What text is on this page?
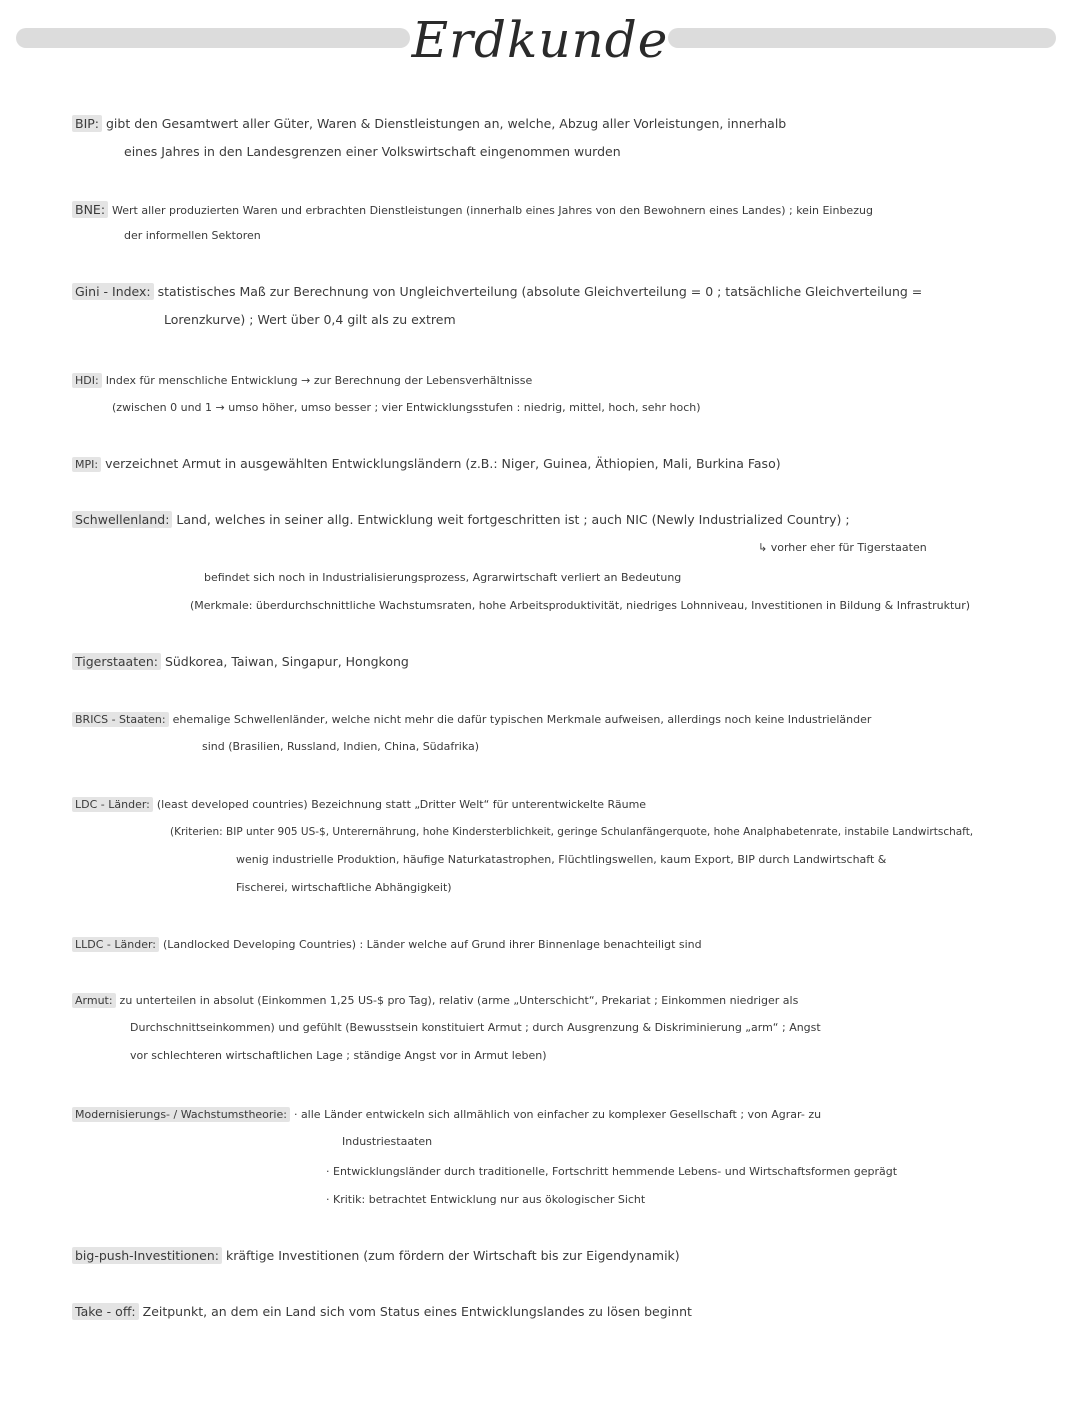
Erdkunde
BIP: gibt den Gesamtwert aller Güter, Waren & Dienstleistungen an, welche, Abzug aller Vorleistungen, innerhalb
eines Jahres in den Landesgrenzen einer Volkswirtschaft eingenommen wurden
BNE: Wert aller produzierten Waren und erbrachten Dienstleistungen (innerhalb eines Jahres von den Bewohnern eines Landes) ; kein Einbezug
der informellen Sektoren
Gini - Index: statistisches Maß zur Berechnung von Ungleichverteilung (absolute Gleichverteilung = 0 ; tatsächliche Gleichverteilung =
Lorenzkurve) ; Wert über 0,4 gilt als zu extrem
HDI: Index für menschliche Entwicklung → zur Berechnung der Lebensverhältnisse
(zwischen 0 und 1 → umso höher, umso besser ; vier Entwicklungsstufen : niedrig, mittel, hoch, sehr hoch)
MPI: verzeichnet Armut in ausgewählten Entwicklungsländern (z.B.: Niger, Guinea, Äthiopien, Mali, Burkina Faso)
Schwellenland: Land, welches in seiner allg. Entwicklung weit fortgeschritten ist ; auch NIC (Newly Industrialized Country) ;
↳ vorher eher für Tigerstaaten
befindet sich noch in Industrialisierungsprozess, Agrarwirtschaft verliert an Bedeutung
(Merkmale: überdurchschnittliche Wachstumsraten, hohe Arbeitsproduktivität, niedriges Lohnniveau, Investitionen in Bildung & Infrastruktur)
Tigerstaaten: Südkorea, Taiwan, Singapur, Hongkong
BRICS - Staaten: ehemalige Schwellenländer, welche nicht mehr die dafür typischen Merkmale aufweisen, allerdings noch keine Industrieländer
sind (Brasilien, Russland, Indien, China, Südafrika)
LDC - Länder: (least developed countries) Bezeichnung statt „Dritter Welt“ für unterentwickelte Räume
(Kriterien: BIP unter 905 US-$, Unterernährung, hohe Kindersterblichkeit, geringe Schulanfängerquote, hohe Analphabetenrate, instabile Landwirtschaft,
wenig industrielle Produktion, häufige Naturkatastrophen, Flüchtlingswellen, kaum Export, BIP durch Landwirtschaft &
Fischerei, wirtschaftliche Abhängigkeit)
LLDC - Länder: (Landlocked Developing Countries) : Länder welche auf Grund ihrer Binnenlage benachteiligt sind
Armut: zu unterteilen in absolut (Einkommen 1,25 US-$ pro Tag), relativ (arme „Unterschicht“, Prekariat ; Einkommen niedriger als
Durchschnittseinkommen) und gefühlt (Bewusstsein konstituiert Armut ; durch Ausgrenzung & Diskriminierung „arm“ ; Angst
vor schlechteren wirtschaftlichen Lage ; ständige Angst vor in Armut leben)
Modernisierungs- / Wachstumstheorie: · alle Länder entwickeln sich allmählich von einfacher zu komplexer Gesellschaft ; von Agrar- zu
Industriestaaten
· Entwicklungsländer durch traditionelle, Fortschritt hemmende Lebens- und Wirtschaftsformen geprägt
· Kritik: betrachtet Entwicklung nur aus ökologischer Sicht
big-push-Investitionen: kräftige Investitionen (zum fördern der Wirtschaft bis zur Eigendynamik)
Take - off: Zeitpunkt, an dem ein Land sich vom Status eines Entwicklungslandes zu lösen beginnt
